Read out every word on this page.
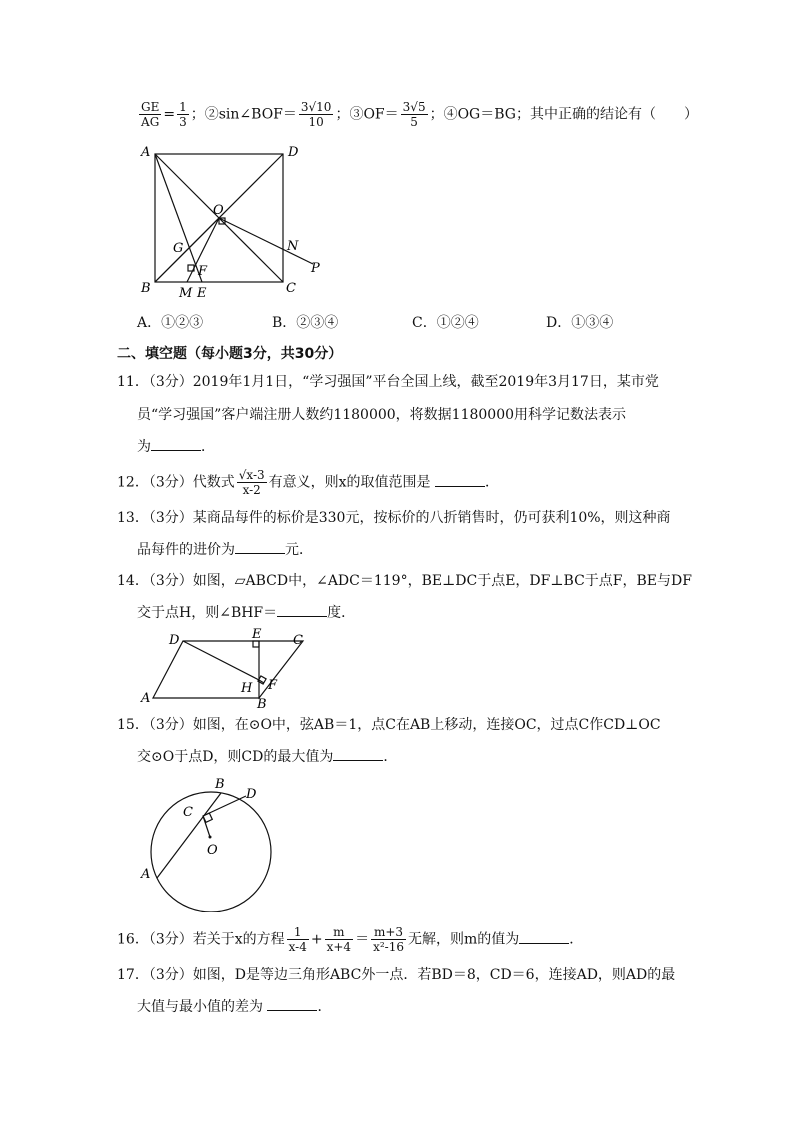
$\frac{GE}{AG} = \frac{1}{3}$ ；②sin∠BOF＝ $\frac{3√10}{10}$ ；③OF＝ $\frac{3√5}{5}$ ；④OG＝BG；其中正确的结论有（　　）
A	D
O
G	N
P
F
B M E	C
A．①②③	B．②③④	C．①②④	D．①③④
二、填空题（每小题3分，共30分）
11．（3分）2019年1月1日，“学习强国”平台全国上线，截至2019年3月17日，某市党
员“学习强国”客户端注册人数约1180000，将数据1180000用科学记数法表示
为	．
12．（3分）代数式 $\frac{√x-3}{x-2}$ 有意义，则x的取值范围是	．
13．（3分）某商品每件的标价是330元，按标价的八折销售时，仍可获利10%，则这种商
品每件的进价为	元．
14．（3分）如图，▱ABCD中，∠ADC＝119°，BE⊥DC于点E，DF⊥BC于点F，BE与DF
交于点H，则∠BHF＝	度．
D	E C
A
H F
B
15．（3分）如图，在⊙O中，弦AB＝1，点C在AB上移动，连接OC，过点C作CD⊥OC
交⊙O于点D，则CD的最大值为	．
B
D
C
O
A
16．（3分）若关于x的方程 $\frac{1}{x-4} + \frac{m}{x+4} = \frac{m+3}{\text{x²-16}}$ 无解，则m的值为	．
17．（3分）如图，D是等边三角形ABC外一点．若BD＝8，CD＝6，连接AD，则AD的最
大值与最小值的差为	．
